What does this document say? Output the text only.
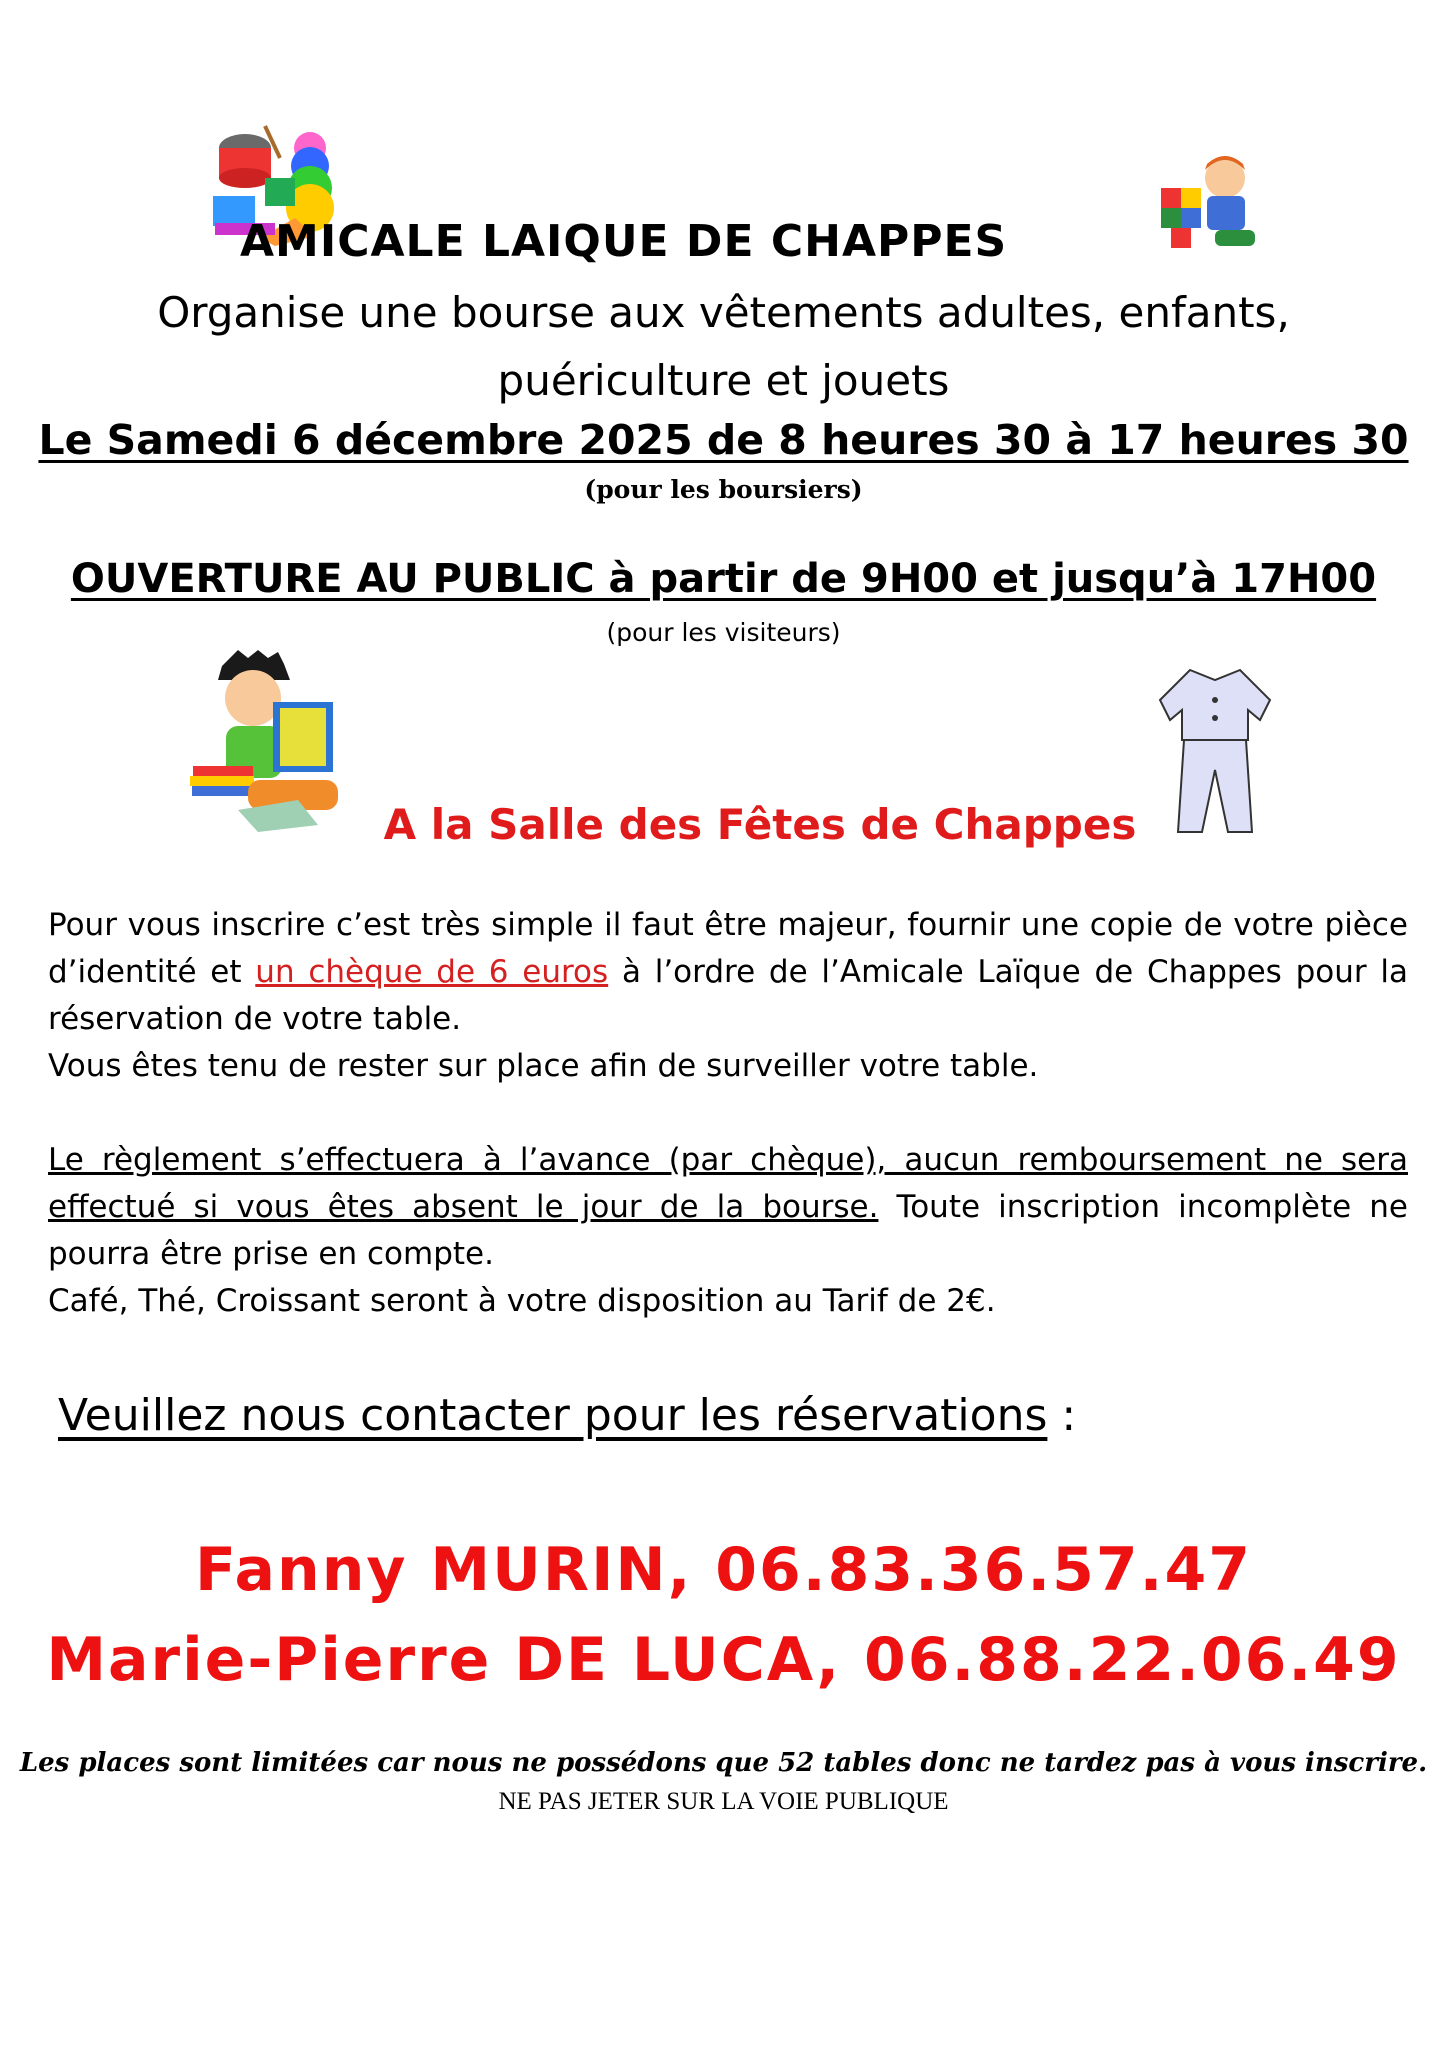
AMICALE LAIQUE DE CHAPPES
Organise une bourse aux vêtements adultes, enfants,
puériculture et jouets
Le Samedi 6 décembre 2025 de 8 heures 30 à 17 heures 30
(pour les boursiers)
OUVERTURE AU PUBLIC à partir de 9H00 et jusqu’à 17H00
(pour les visiteurs)
A la Salle des Fêtes de Chappes
Pour vous inscrire c’est très simple il faut être majeur, fournir une copie de votre pièce d’identité et un chèque de 6 euros à l’ordre de l’Amicale Laïque de Chappes pour la réservation de votre table.
Vous êtes tenu de rester sur place afin de surveiller votre table.
Le règlement s’effectuera à l’avance (par chèque), aucun remboursement ne sera effectué si vous êtes absent le jour de la bourse. Toute inscription incomplète ne pourra être prise en compte.
Café, Thé, Croissant seront à votre disposition au Tarif de 2€.
Veuillez nous contacter pour les réservations :
Fanny MURIN, 06.83.36.57.47
Marie-Pierre DE LUCA, 06.88.22.06.49
Les places sont limitées car nous ne possédons que 52 tables donc ne tardez pas à vous inscrire.
NE PAS JETER SUR LA VOIE PUBLIQUE
